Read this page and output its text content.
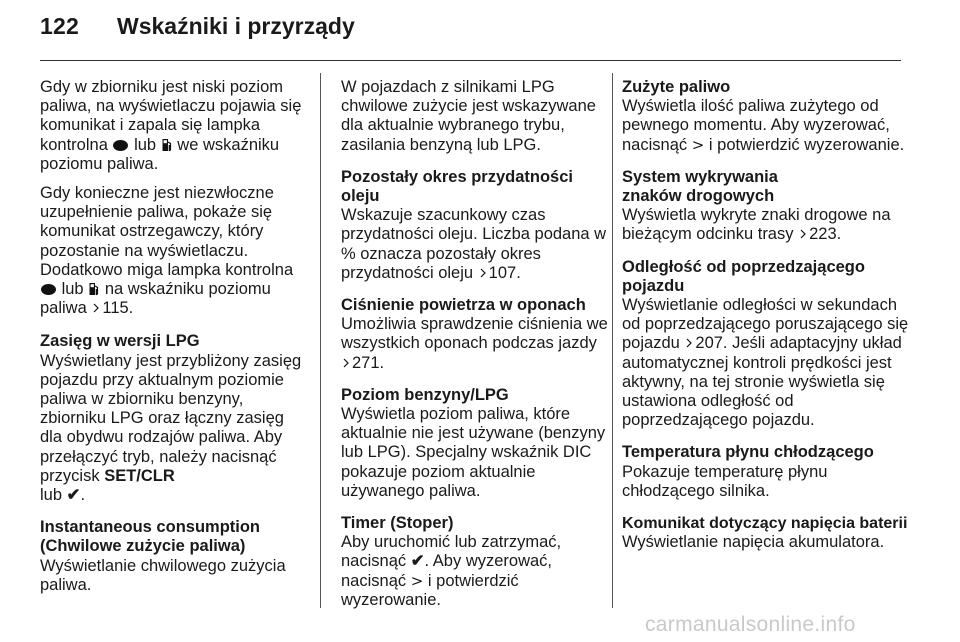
122 Wskaźniki i przyrządy

Gdy w zbiorniku jest niski poziom paliwa, na wyświetlaczu pojawia się komunikat i zapala się lampka kontrolna lub we wskaźniku poziomu paliwa.

Gdy konieczne jest niezwłoczne uzupełnienie paliwa, pokaże się komunikat ostrzegawczy, który pozostanie na wyświetlaczu. Dodatkowo miga lampka kontrolna  lub na wskaźniku poziomu paliwa 115.

Zasięg w wersji LPG

Wyświetlany jest przybliżony zasięg pojazdu przy aktualnym poziomie paliwa w zbiorniku benzyny, zbiorniku LPG oraz łączny zasięg dla obydwu rodzajów paliwa. Aby przełączyć tryb, należy nacisnąć przycisk SET/CLR
lub ✔.

Instantaneous consumption
(Chwilowe zużycie paliwa)

Wyświetlanie chwilowego zużycia paliwa.

W pojazdach z silnikami LPG chwilowe zużycie jest wskazywane dla aktualnie wybranego trybu, zasilania benzyną lub LPG.

Pozostały okres przydatności oleju

Wskazuje szacunkowy czas przydatności oleju. Liczba podana w % oznacza pozostały okres przydatności oleju 107.

Ciśnienie powietrza w oponach

Umożliwia sprawdzenie ciśnienia we wszystkich oponach podczas jazdy 271.

Poziom benzyny/LPG

Wyświetla poziom paliwa, które aktualnie nie jest używane (benzyny lub LPG). Specjalny wskaźnik DIC pokazuje poziom aktualnie używanego paliwa.

Timer (Stoper)

Aby uruchomić lub zatrzymać, nacisnąć ✔. Aby wyzerować, nacisnąć > i potwierdzić wyzerowanie.

Zużyte paliwo

Wyświetla ilość paliwa zużytego od pewnego momentu. Aby wyzerować, nacisnąć > i potwierdzić wyzerowanie.

System wykrywania znaków drogowych

Wyświetla wykryte znaki drogowe na bieżącym odcinku trasy 223.

Odległość od poprzedzającego pojazdu

Wyświetlanie odległości w sekundach od poprzedzającego poruszającego się pojazdu 207. Jeśli adaptacyjny układ automatycznej kontroli prędkości jest aktywny, na tej stronie wyświetla się ustawiona odległość od poprzedzającego pojazdu.

Temperatura płynu chłodzącego

Pokazuje temperaturę płynu chłodzącego silnika.

Komunikat dotyczący napięcia baterii

Wyświetlanie napięcia akumulatora.

carmanualsonline.info
